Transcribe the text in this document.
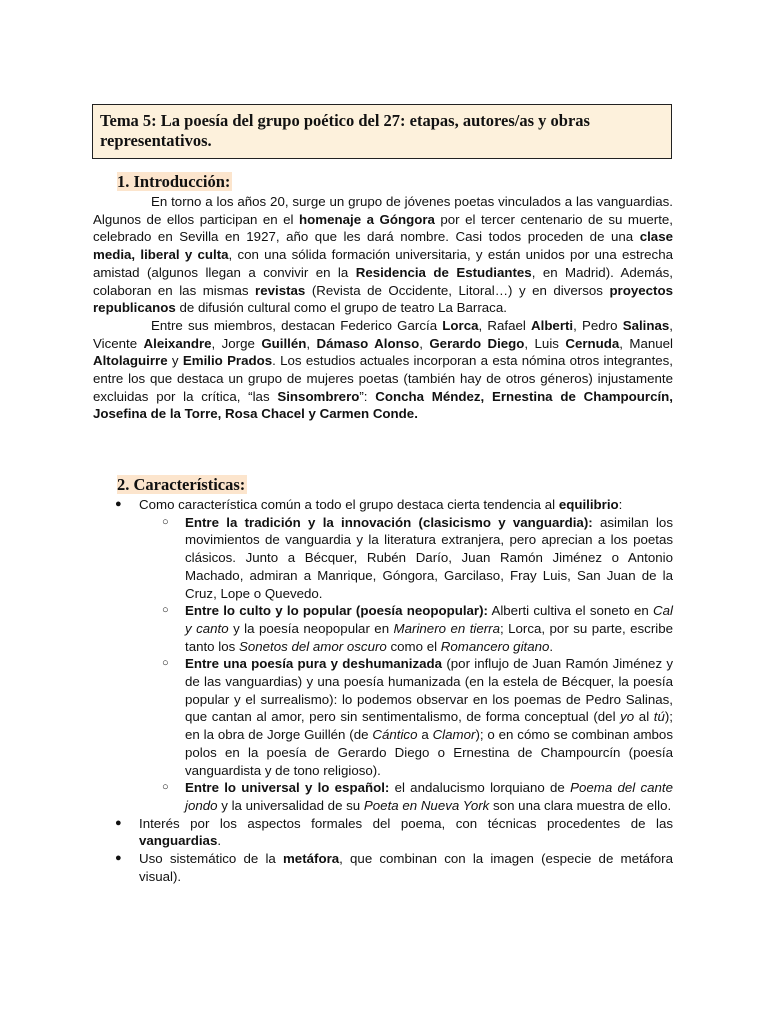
Tema 5: La poesía del grupo poético del 27: etapas, autores/as y obras representativos.
1. Introducción:

En torno a los años 20, surge un grupo de jóvenes poetas vinculados a las vanguardias. Algunos de ellos participan en el homenaje a Góngora por el tercer centenario de su muerte, celebrado en Sevilla en 1927, año que les dará nombre. Casi todos proceden de una clase media, liberal y culta, con una sólida formación universitaria, y están unidos por una estrecha amistad (algunos llegan a convivir en la Residencia de Estudiantes, en Madrid). Además, colaboran en las mismas revistas (Revista de Occidente, Litoral…) y en diversos proyectos republicanos de difusión cultural como el grupo de teatro La Barraca.

Entre sus miembros, destacan Federico García Lorca, Rafael Alberti, Pedro Salinas, Vicente Aleixandre, Jorge Guillén, Dámaso Alonso, Gerardo Diego, Luis Cernuda, Manuel Altolaguirre y Emilio Prados. Los estudios actuales incorporan a esta nómina otros integrantes, entre los que destaca un grupo de mujeres poetas (también hay de otros géneros) injustamente excluidas por la crítica, “las Sinsombrero”: Concha Méndez, Ernestina de Champourcín, Josefina de la Torre, Rosa Chacel y Carmen Conde.

2. Características:
● Como característica común a todo el grupo destaca cierta tendencia al equilibrio:
○ Entre la tradición y la innovación (clasicismo y vanguardia): asimilan los movimientos de vanguardia y la literatura extranjera, pero aprecian a los poetas clásicos. Junto a Bécquer, Rubén Darío, Juan Ramón Jiménez o Antonio Machado, admiran a Manrique, Góngora, Garcilaso, Fray Luis, San Juan de la Cruz, Lope o Quevedo.
○ Entre lo culto y lo popular (poesía neopopular): Alberti cultiva el soneto en Cal y canto y la poesía neopopular en Marinero en tierra; Lorca, por su parte, escribe tanto los Sonetos del amor oscuro como el Romancero gitano.
○ Entre una poesía pura y deshumanizada (por influjo de Juan Ramón Jiménez y de las vanguardias) y una poesía humanizada (en la estela de Bécquer, la poesía popular y el surrealismo): lo podemos observar en los poemas de Pedro Salinas, que cantan al amor, pero sin sentimentalismo, de forma conceptual (del yo al tú); en la obra de Jorge Guillén (de Cántico a Clamor); o en cómo se combinan ambos polos en la poesía de Gerardo Diego o Ernestina de Champourcín (poesía vanguardista y de tono religioso).
○ Entre lo universal y lo español: el andalucismo lorquiano de Poema del cante jondo y la universalidad de su Poeta en Nueva York son una clara muestra de ello.
● Interés por los aspectos formales del poema, con técnicas procedentes de las vanguardias.
● Uso sistemático de la metáfora, que combinan con la imagen (especie de metáfora visual).
